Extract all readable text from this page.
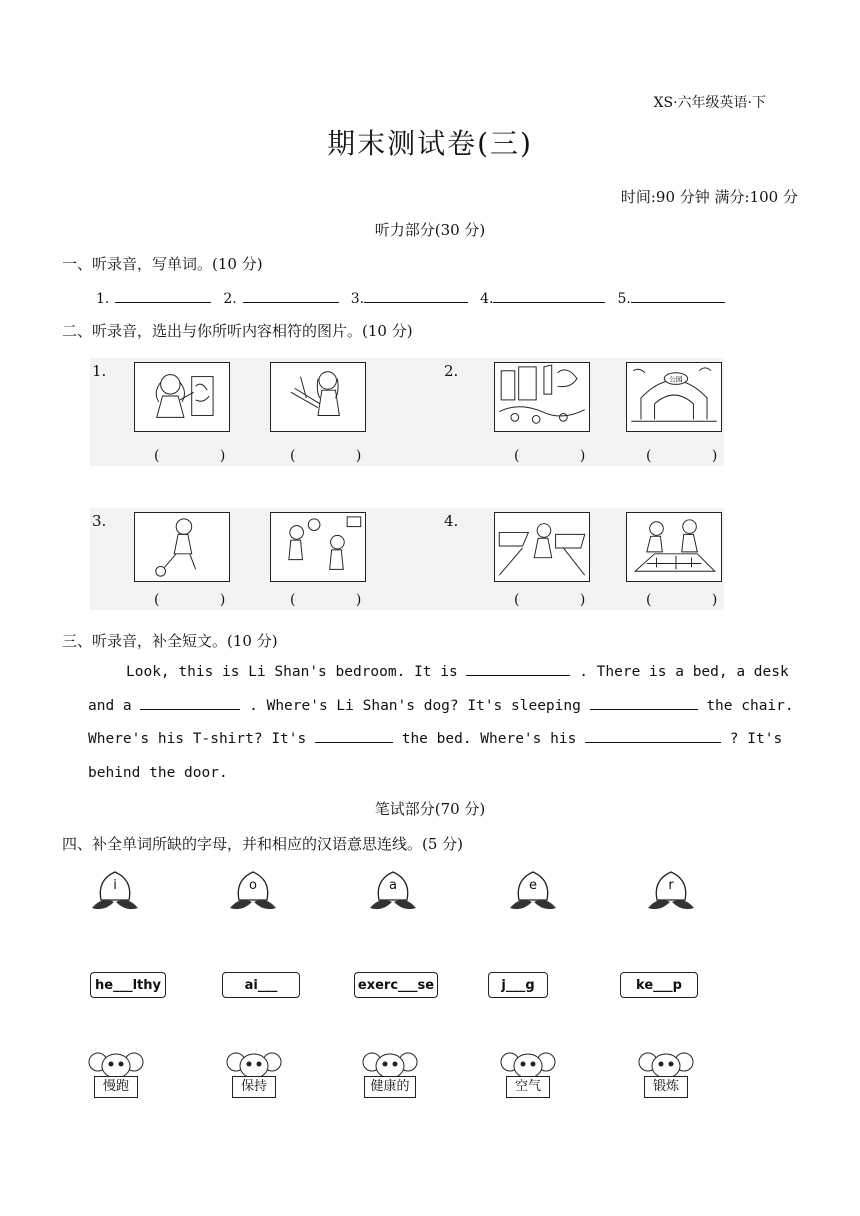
XS·六年级英语·下
期末测试卷(三)
时间:90 分钟 满分:100 分
听力部分(30 分)
一、听录音，写单词。(10 分)
1.	2.	3.	4.	5.
二、听录音，选出与你所听内容相符的图片。(10 分)
1.	2.
3.	4.
公园
( )	( )	( ) ( )
( )	( )	( ) ( )
三、听录音，补全短文。(10 分)
Look, this is Li Shan's bedroom. It is	. There is a bed, a desk
and a	. Where's Li Shan's dog? It's sleeping	the chair.
Where's his T-shirt? It's	the bed. Where's his	? It's
behind the door.
笔试部分(70 分)
四、补全单词所缺的字母，并和相应的汉语意思连线。(5 分)
i	o	a	e	r
he___lthy	ai___	exerc___se	j___g	ke___p
慢跑	保持	健康的	空气	锻炼
